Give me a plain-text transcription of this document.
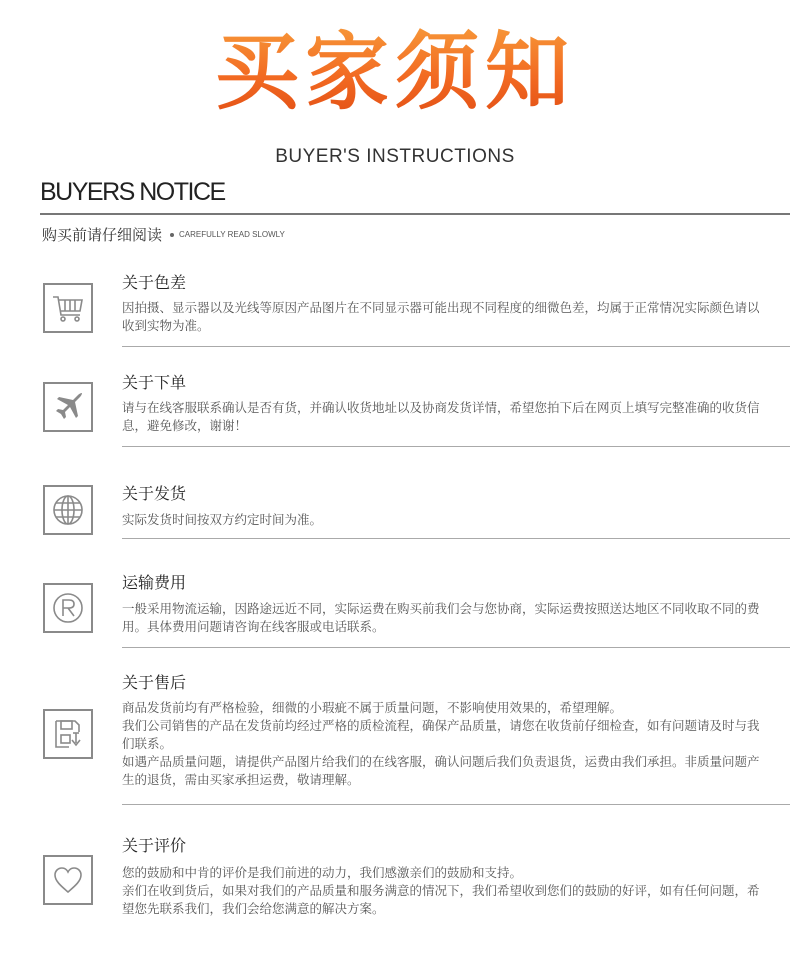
买家须知
BUYER'S INSTRUCTIONS
BUYERS NOTICE
购买前请仔细阅读 CAREFULLY READ SLOWLY
关于色差

因拍摄、显示器以及光线等原因产品图片在不同显示器可能出现不同程度的细微色差，均属于正常情况实际颜色请以收到实物为准。

关于下单

请与在线客服联系确认是否有货，并确认收货地址以及协商发货详情，希望您拍下后在网页上填写完整准确的收货信息，避免修改，谢谢！

关于发货

实际发货时间按双方约定时间为准。

运输费用

一般采用物流运输，因路途远近不同，实际运费在购买前我们会与您协商，实际运费按照送达地区不同收取不同的费用。具体费用问题请咨询在线客服或电话联系。

关于售后

商品发货前均有严格检验，细微的小瑕疵不属于质量问题，不影响使用效果的，希望理解。

我们公司销售的产品在发货前均经过严格的质检流程，确保产品质量，请您在收货前仔细检查，如有问题请及时与我们联系。

如遇产品质量问题，请提供产品图片给我们的在线客服，确认问题后我们负责退货，运费由我们承担。非质量问题产生的退货，需由买家承担运费，敬请理解。

关于评价

您的鼓励和中肯的评价是我们前进的动力，我们感激亲们的鼓励和支持。

亲们在收到货后，如果对我们的产品质量和服务满意的情况下，我们希望收到您们的鼓励的好评，如有任何问题，希望您先联系我们，我们会给您满意的解决方案。
